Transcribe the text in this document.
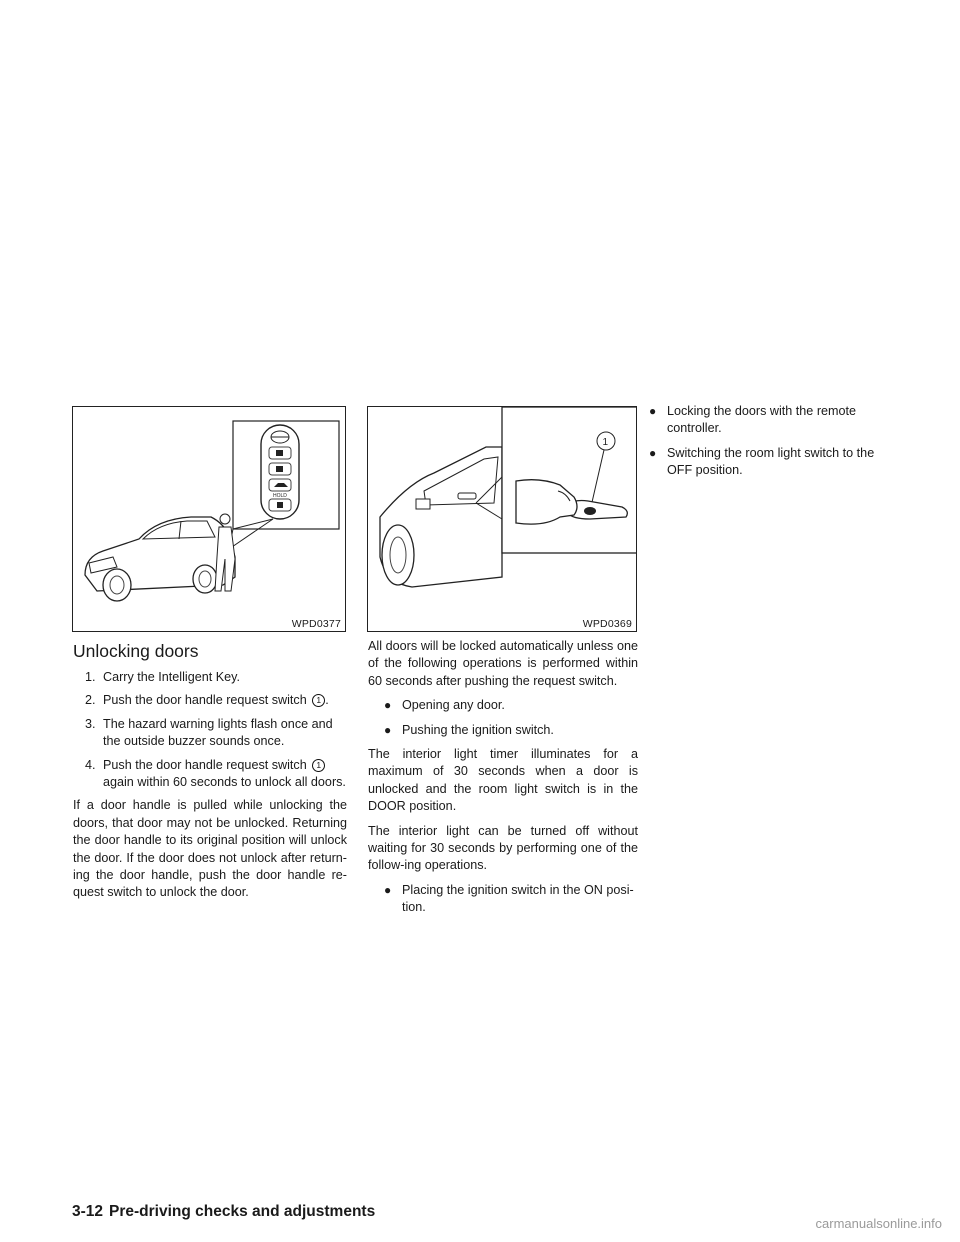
HOLD
WPD0377
1
WPD0369
Unlocking doors
1. Carry the Intelligent Key.
2. Push the door handle request switch 1 .
3. The hazard warning lights flash once and the outside buzzer sounds once.
4. Push the door handle request switch 1 again within 60 seconds to unlock all doors.

If a door handle is pulled while unlocking the doors, that door may not be unlocked. Returning the door handle to its original position will unlock the door. If the door does not unlock after return-ing the door handle, push the door handle re-quest switch to unlock the door.

All doors will be locked automatically unless one of the following operations is performed within 60 seconds after pushing the request switch.

● Opening any door.
● Pushing the ignition switch.

The interior light timer illuminates for a maximum of 30 seconds when a door is unlocked and the room light switch is in the DOOR position.

The interior light can be turned off without waiting for 30 seconds by performing one of the follow-ing operations.

● Placing the ignition switch in the ON posi-tion.
● Locking the doors with the remote controller.
● Switching the room light switch to the OFF position.
3-12 Pre-driving checks and adjustments
carmanualsonline.info
